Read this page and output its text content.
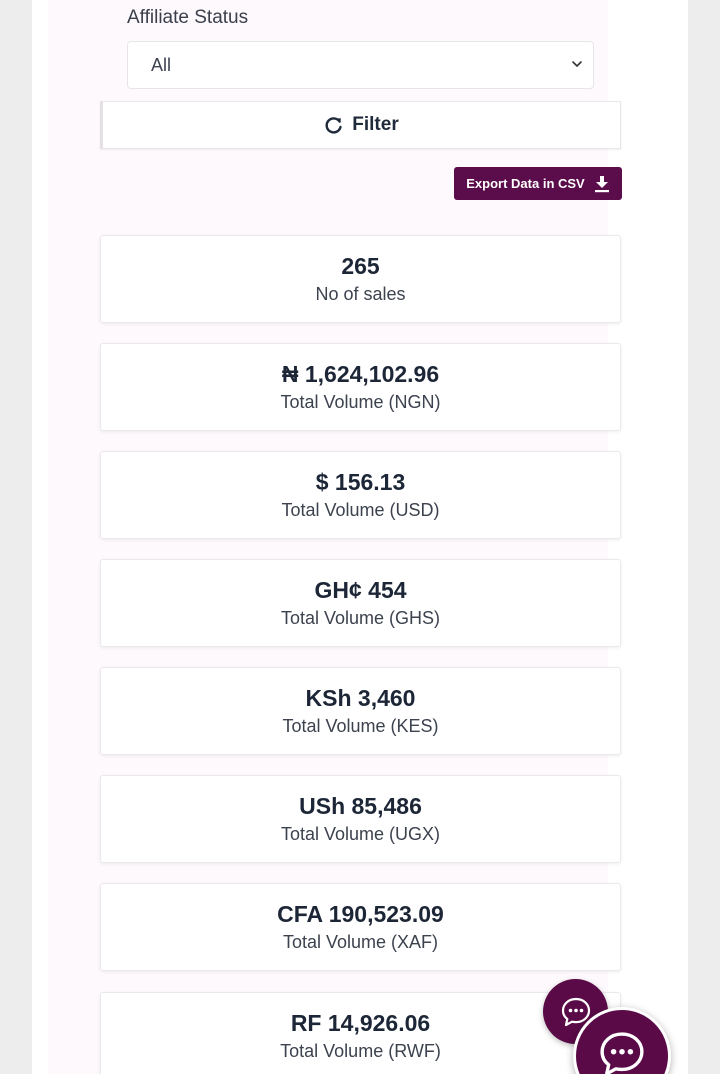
Affiliate Status
All
Filter
Export Data in CSV
265
No of sales
₦ 1,624,102.96
Total Volume (NGN)
$ 156.13
Total Volume (USD)
GH¢ 454
Total Volume (GHS)
KSh 3,460
Total Volume (KES)
USh 85,486
Total Volume (UGX)
CFA 190,523.09
Total Volume (XAF)
RF 14,926.06
Total Volume (RWF)
